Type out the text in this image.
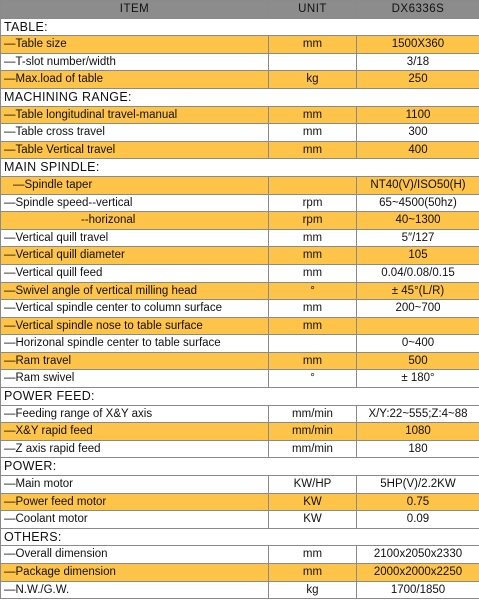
ITEM	UNIT	DX6336S
TABLE:		
—Table size	mm	1500X360
—T-slot number/width		3/18
—Max.load of table	kg	250
MACHINING RANGE:		
—Table longitudinal travel-manual	mm	1100
—Table cross travel	mm	300
—Table Vertical travel	mm	400
MAIN SPINDLE:		
—Spindle taper		NT40(V)/ISO50(H)
—Spindle speed--vertical	rpm	65~4500(50hz)
--horizonal	rpm	40~1300
—Vertical quill travel	mm	5″/127
—Vertical quill diameter	mm	105
—Vertical quill feed	mm	0.04/0.08/0.15
—Swivel angle of vertical milling head	°	± 45°(L/R)
—Vertical spindle center to column surface	mm	200~700
—Vertical spindle nose to table surface	mm	
—Horizonal spindle center to table surface		0~400
—Ram travel	mm	500
—Ram swivel	°	± 180°
POWER FEED:		
—Feeding range of X&Y axis	mm/min	X/Y:22~555;Z:4~88
—X&Y rapid feed	mm/min	1080
—Z axis rapid feed	mm/min	180
POWER:		
—Main motor	KW/HP	5HP(V)/2.2KW
—Power feed motor	KW	0.75
—Coolant motor	KW	0.09
OTHERS:		
—Overall dimension	mm	2100x2050x2330
—Package dimension	mm	2000x2000x2250
—N.W./G.W.	kg	1700/1850
